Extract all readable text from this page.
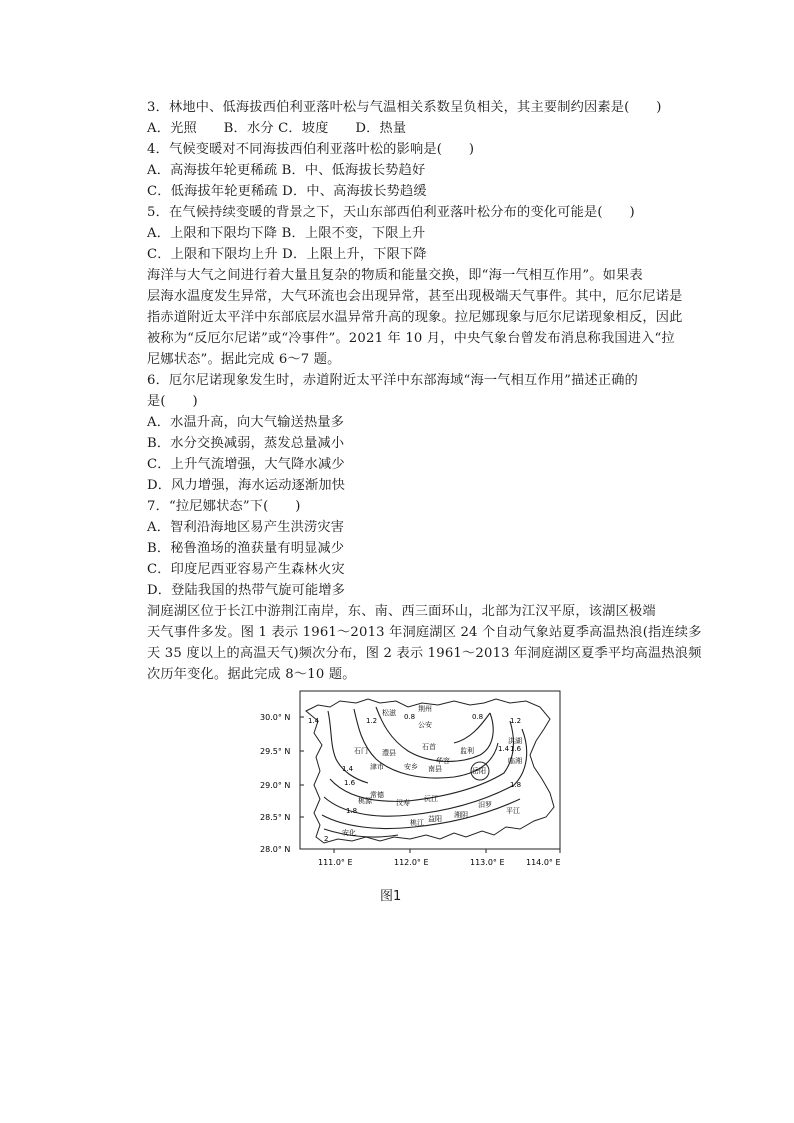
3．林地中、低海拔西伯利亚落叶松与气温相关系数呈负相关，其主要制约因素是(　　)
A．光照　　B．水分 C．坡度　　D．热量
4．气候变暖对不同海拔西伯利亚落叶松的影响是(　　)
A．高海拔年轮更稀疏 B．中、低海拔长势趋好
C．低海拔年轮更稀疏 D．中、高海拔长势趋缓
5．在气候持续变暖的背景之下，天山东部西伯利亚落叶松分布的变化可能是(　　)
A．上限和下限均下降 B．上限不变，下限上升
C．上限和下限均上升 D．上限上升，下限下降
海洋与大气之间进行着大量且复杂的物质和能量交换，即“海一气相互作用”。如果表
层海水温度发生异常，大气环流也会出现异常，甚至出现极端天气事件。其中，厄尔尼诺是
指赤道附近太平洋中东部底层水温异常升高的现象。拉尼娜现象与厄尔尼诺现象相反，因此
被称为“反厄尔尼诺”或“冷事件”。2021 年 10 月，中央气象台曾发布消息称我国进入“拉
尼娜状态”。据此完成 6～7 题。
6．厄尔尼诺现象发生时，赤道附近太平洋中东部海域“海一气相互作用”描述正确的
是(　　)
A．水温升高，向大气输送热量多
B．水分交换减弱，蒸发总量减小
C．上升气流增强，大气降水减少
D．风力增强，海水运动逐渐加快
7．“拉尼娜状态”下(　　)
A．智利沿海地区易产生洪涝灾害
B．秘鲁渔场的渔获量有明显减少
C．印度尼西亚容易产生森林火灾
D．登陆我国的热带气旋可能增多
洞庭湖区位于长江中游荆江南岸，东、南、西三面环山，北部为江汉平原，该湖区极端
天气事件多发。图 1 表示 1961～2013 年洞庭湖区 24 个自动气象站夏季高温热浪(指连续多
天 35 度以上的高温天气)频次分布，图 2 表示 1961～2013 年洞庭湖区夏季平均高温热浪频
次历年变化。据此完成 8～10 题。
1.4	1.2	0.8	0.8	1.2
1.4 1.6
1.4
1.6
1.8
1.8
2
松滋	荆州
公安
监利
洪湖
石首
石门 澧县
津市	安乡 南县
华容
岳阳
临湘
常德
汉寿 沅江
汨罗
平江
桃源
益阳 湘阴
桃江
安化
30.0° N
29.5° N
29.0° N
28.5° N
28.0° N
111.0° E	112.0° E	113.0° E	114.0° E
图1
